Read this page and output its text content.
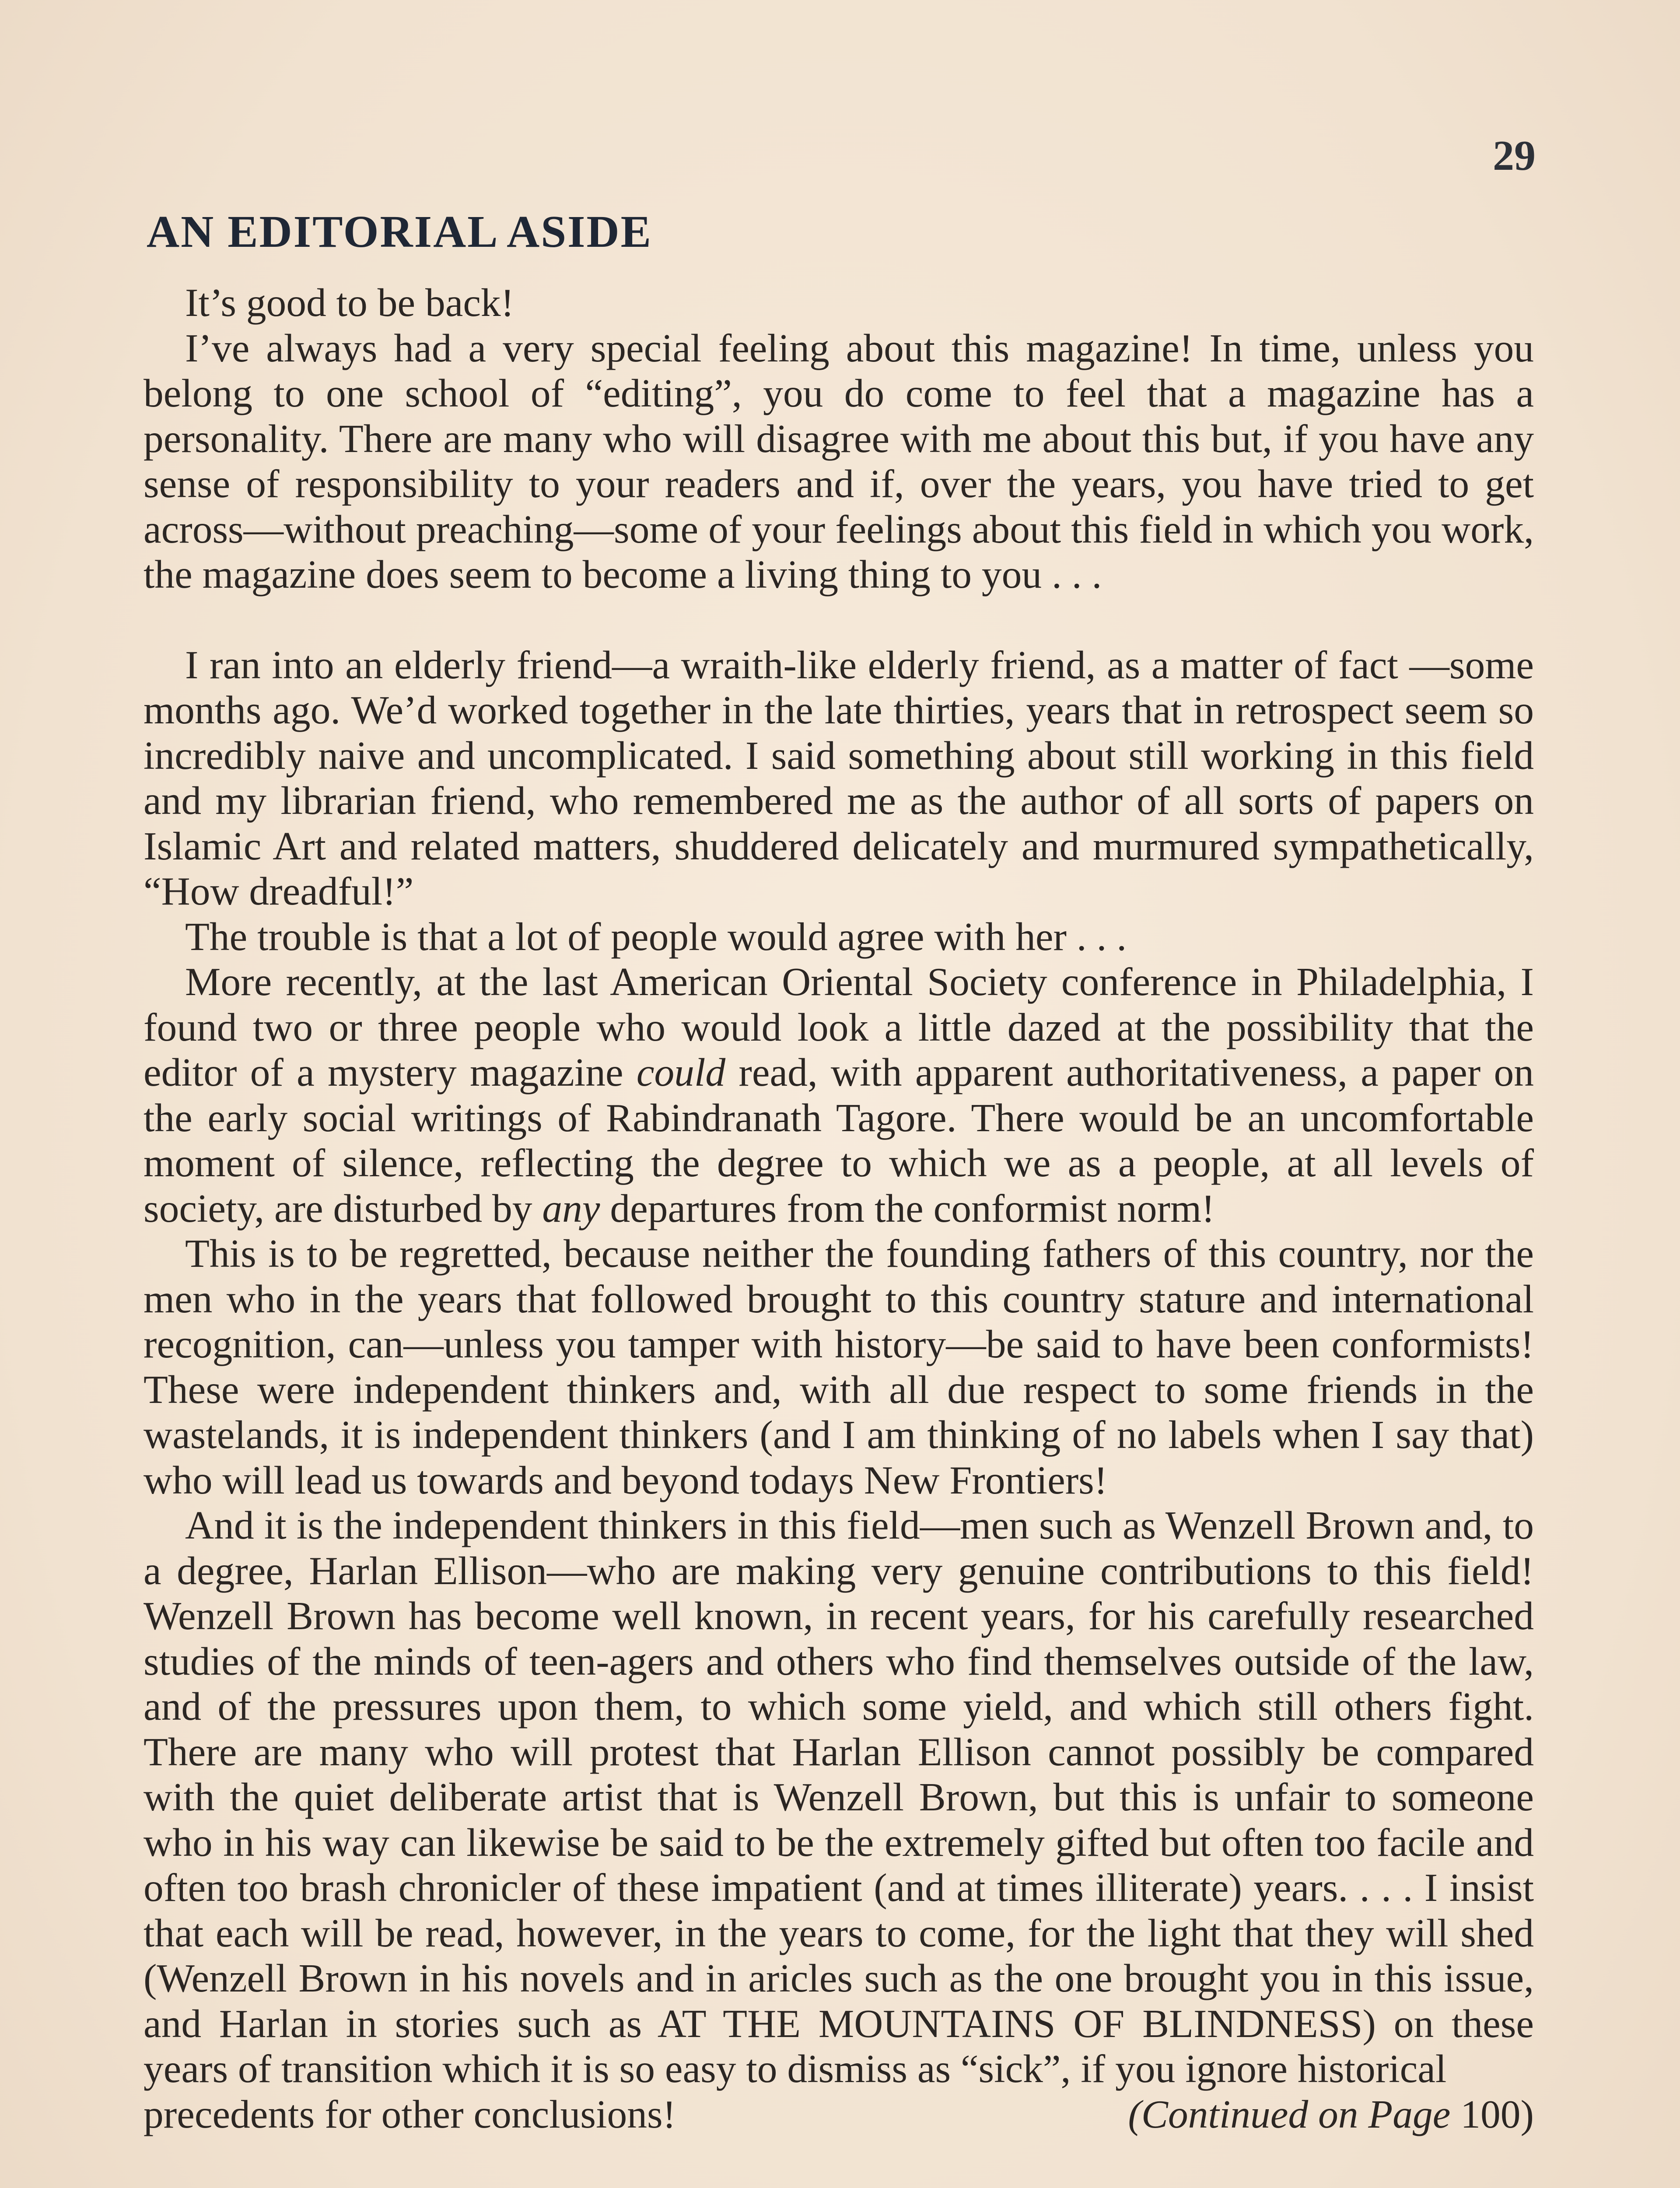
29
AN EDITORIAL ASIDE

It’s good to be back!

I’ve always had a very special feeling about this magazine! In time, unless you belong to one school of “editing”, you do come to feel that a magazine has a personality. There are many who will disagree with me about this but, if you have any sense of responsibility to your readers and if, over the years, you have tried to get across—without preaching—some of your feelings about this field in which you work, the magazine does seem to become a living thing to you . . .

I ran into an elderly friend—a wraith-like elderly friend, as a matter of fact —some months ago. We’d worked together in the late thirties, years that in retrospect seem so incredibly naive and uncomplicated. I said something about still working in this field and my librarian friend, who remembered me as the author of all sorts of papers on Islamic Art and related matters, shuddered delicately and murmured sympathetically, “How dreadful!”

The trouble is that a lot of people would agree with her . . .

More recently, at the last American Oriental Society conference in Philadelphia, I found two or three people who would look a little dazed at the possibility that the editor of a mystery magazine could read, with apparent authoritativeness, a paper on the early social writings of Rabindranath Tagore. There would be an uncomfortable moment of silence, reflecting the degree to which we as a people, at all levels of society, are disturbed by any departures from the conformist norm!

This is to be regretted, because neither the founding fathers of this country, nor the men who in the years that followed brought to this country stature and international recognition, can—unless you tamper with history—be said to have been conformists! These were independent thinkers and, with all due respect to some friends in the wastelands, it is independent thinkers (and I am thinking of no labels when I say that) who will lead us towards and beyond todays New Frontiers!

And it is the independent thinkers in this field—men such as Wenzell Brown and, to a degree, Harlan Ellison—who are making very genuine contributions to this field! Wenzell Brown has become well known, in recent years, for his carefully researched studies of the minds of teen-agers and others who find themselves outside of the law, and of the pressures upon them, to which some yield, and which still others fight. There are many who will protest that Harlan Ellison cannot possibly be compared with the quiet deliberate artist that is Wenzell Brown, but this is unfair to someone who in his way can likewise be said to be the extremely gifted but often too facile and often too brash chronicler of these impatient (and at times illiterate) years. . . . I insist that each will be read, however, in the years to come, for the light that they will shed (Wenzell Brown in his novels and in aricles such as the one brought you in this issue, and Harlan in stories such as AT THE MOUNTAINS OF BLINDNESS) on these years of transition which it is so easy to dismiss as “sick”, if you ignore historical

precedents for other conclusions!	(Continued on Page 100)
